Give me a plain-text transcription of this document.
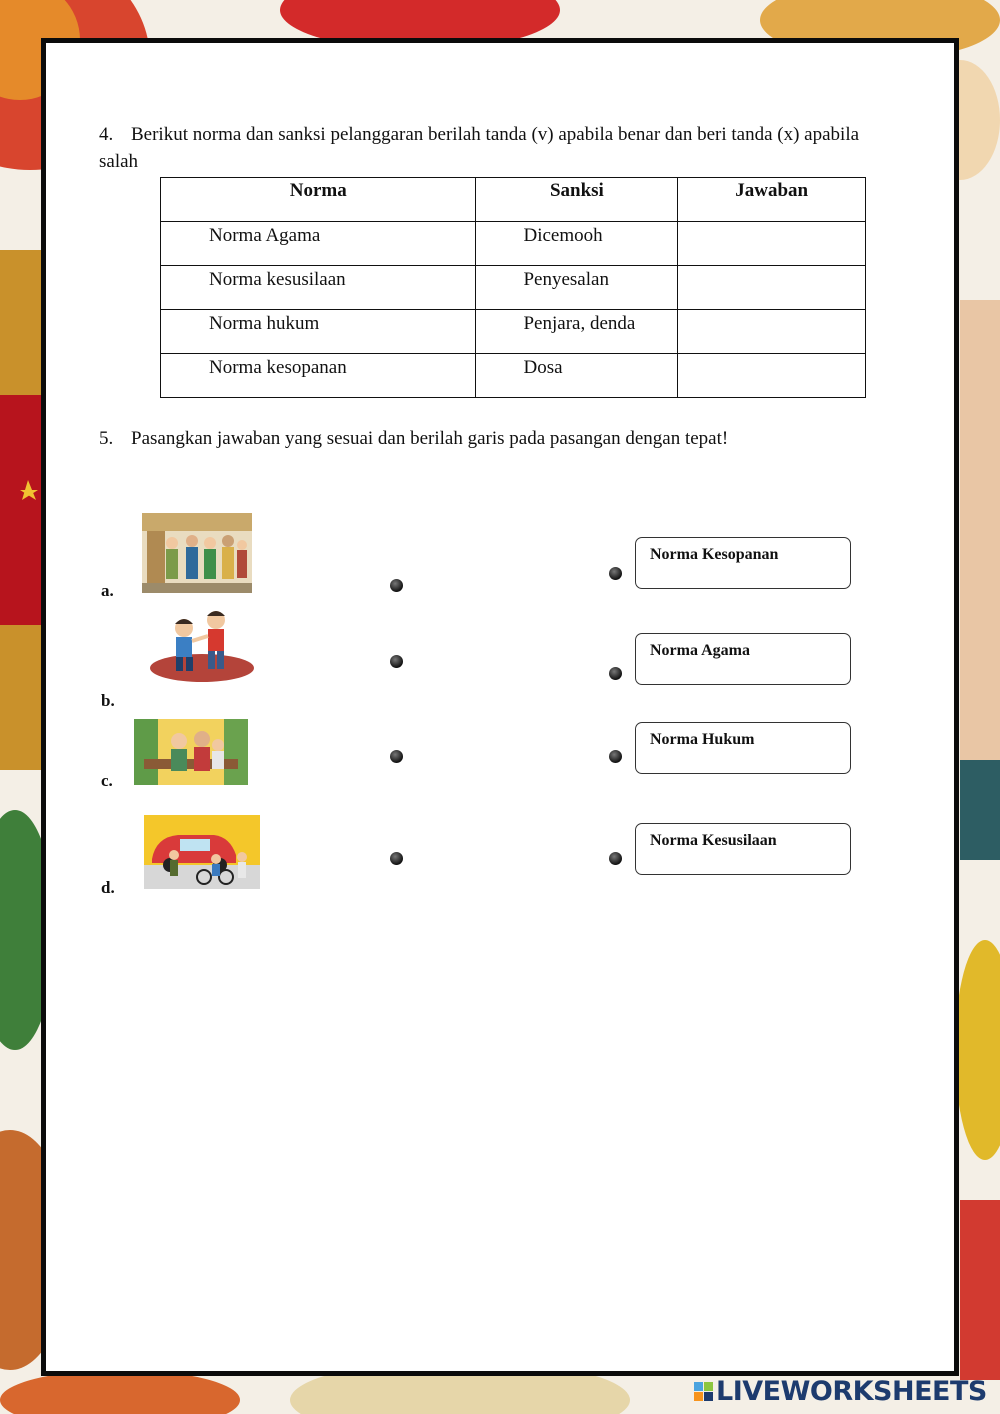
4. Berikut norma dan sanksi pelanggaran berilah tanda (v) apabila benar dan beri tanda (x) apabila salah
Norma	Sanksi	Jawaban
Norma Agama	Dicemooh	
Norma kesusilaan	Penyesalan	
Norma hukum	Penjara, denda	
Norma kesopanan	Dosa	
5. Pasangkan jawaban yang sesuai dan berilah garis pada pasangan dengan tepat!
a.
b.
c.
d.
Norma Kesopanan
Norma Agama
Norma Hukum
Norma Kesusilaan
LIVEWORKSHEETS
